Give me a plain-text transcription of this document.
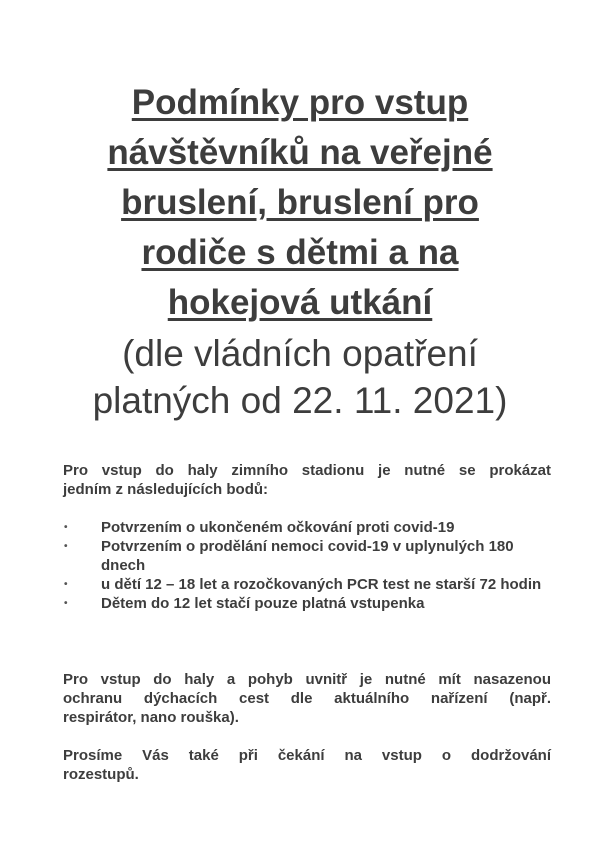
Podmínky pro vstup
návštěvníků na veřejné
bruslení, bruslení pro
rodiče s dětmi a na
hokejová utkání
(dle vládních opatření
platných od 22. 11. 2021)

Pro vstup do haly zimního stadionu je nutné se prokázat
jedním z následujících bodů:

• Potvrzením o ukončeném očkování proti covid-19
• Potvrzením o prodělání nemoci covid-19 v uplynulých 180 dnech
• u dětí 12 – 18 let a rozočkovaných PCR test ne starší 72 hodin
• Dětem do 12 let stačí pouze platná vstupenka

Pro vstup do haly a pohyb uvnitř je nutné mít nasazenou
ochranu dýchacích cest dle aktuálního nařízení (např.
respirátor, nano rouška).

Prosíme Vás také při čekání na vstup o dodržování
rozestupů.
